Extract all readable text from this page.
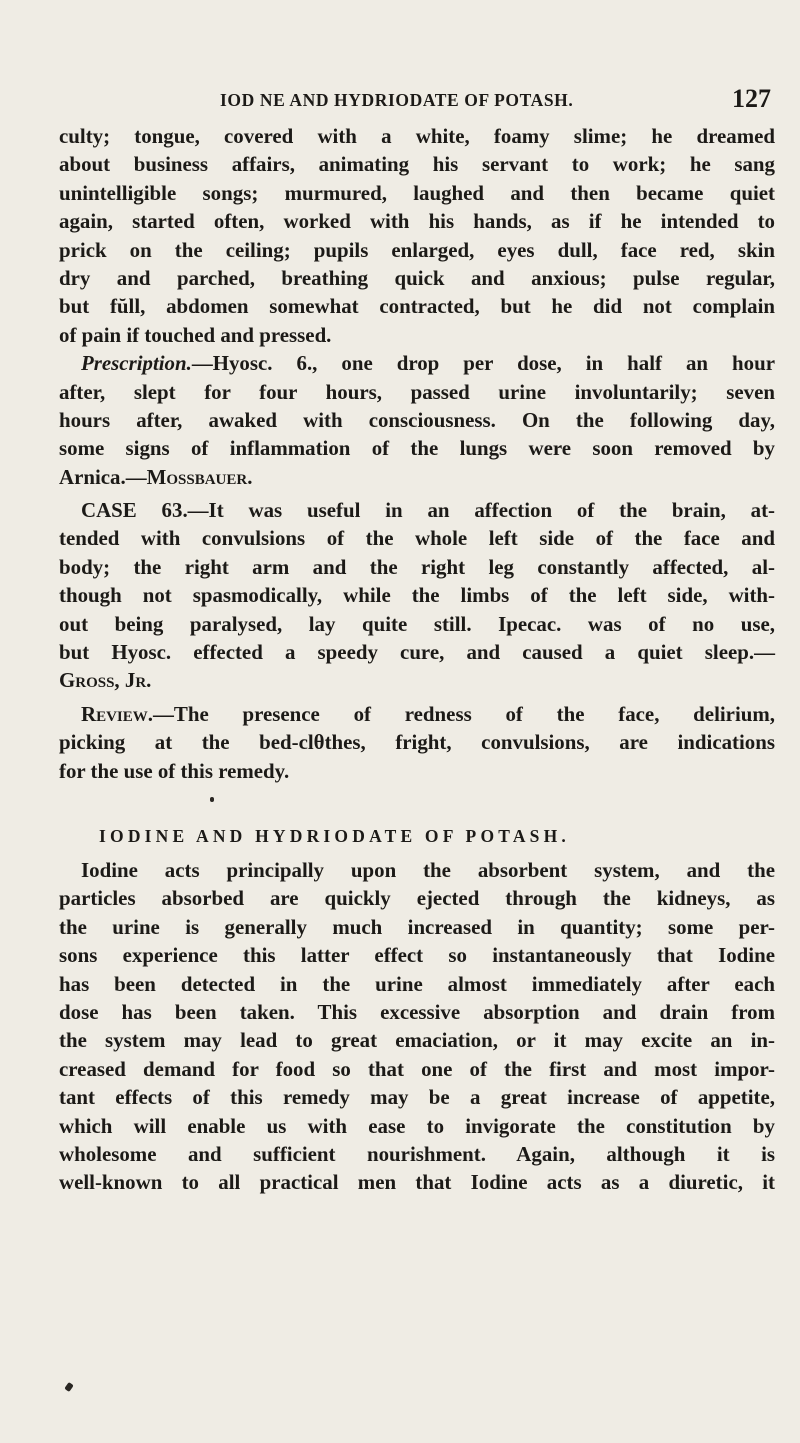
IOD NE AND HYDRIODATE OF POTASH.	127
culty; tongue, covered with a white, foamy slime; he dreamed
about business affairs, animating his servant to work; he sang
unintelligible songs; murmured, laughed and then became quiet
again, started often, worked with his hands, as if he intended to
prick on the ceiling; pupils enlarged, eyes dull, face red, skin
dry and parched, breathing quick and anxious; pulse regular,
but fŭll, abdomen somewhat contracted, but he did not complain
of pain if touched and pressed.
Prescription.—Hyosc. 6., one drop per dose, in half an hour
after, slept for four hours, passed urine involuntarily; seven
hours after, awaked with consciousness. On the following day,
some signs of inflammation of the lungs were soon removed by
Arnica.—Mossbauer.
CASE 63.—It was useful in an affection of the brain, at-
tended with convulsions of the whole left side of the face and
body; the right arm and the right leg constantly affected, al-
though not spasmodically, while the limbs of the left side, with-
out being paralysed, lay quite still. Ipecac. was of no use,
but Hyosc. effected a speedy cure, and caused a quiet sleep.—
Gross, Jr.
Review.—The presence of redness of the face, delirium,
picking at the bed-clθthes, fright, convulsions, are indications
for the use of this remedy.
IODINE AND HYDRIODATE OF POTASH.
Iodine acts principally upon the absorbent system, and the
particles absorbed are quickly ejected through the kidneys, as
the urine is generally much increased in quantity; some per-
sons experience this latter effect so instantaneously that Iodine
has been detected in the urine almost immediately after each
dose has been taken. This excessive absorption and drain from
the system may lead to great emaciation, or it may excite an in-
creased demand for food so that one of the first and most impor-
tant effects of this remedy may be a great increase of appetite,
which will enable us with ease to invigorate the constitution by
wholesome and sufficient nourishment. Again, although it is
well-known to all practical men that Iodine acts as a diuretic, it
